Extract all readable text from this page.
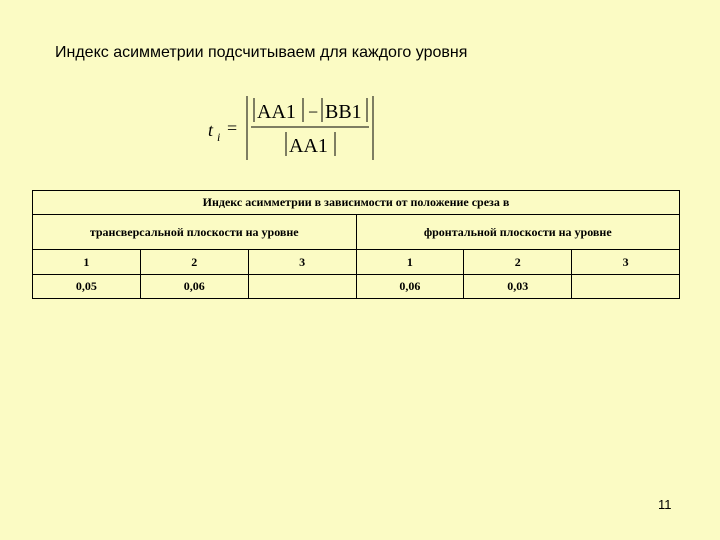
Индекс асимметрии подсчитываем для каждого уровня
t i =
AA1 − BB1
AA1
Индекс асимметрии в зависимости от положение среза в					
трансверсальной плоскости на уровне			фронтальной плоскости на уровне		
1	2	3	1	2	3
0,05	0,06		0,06	0,03	
11
